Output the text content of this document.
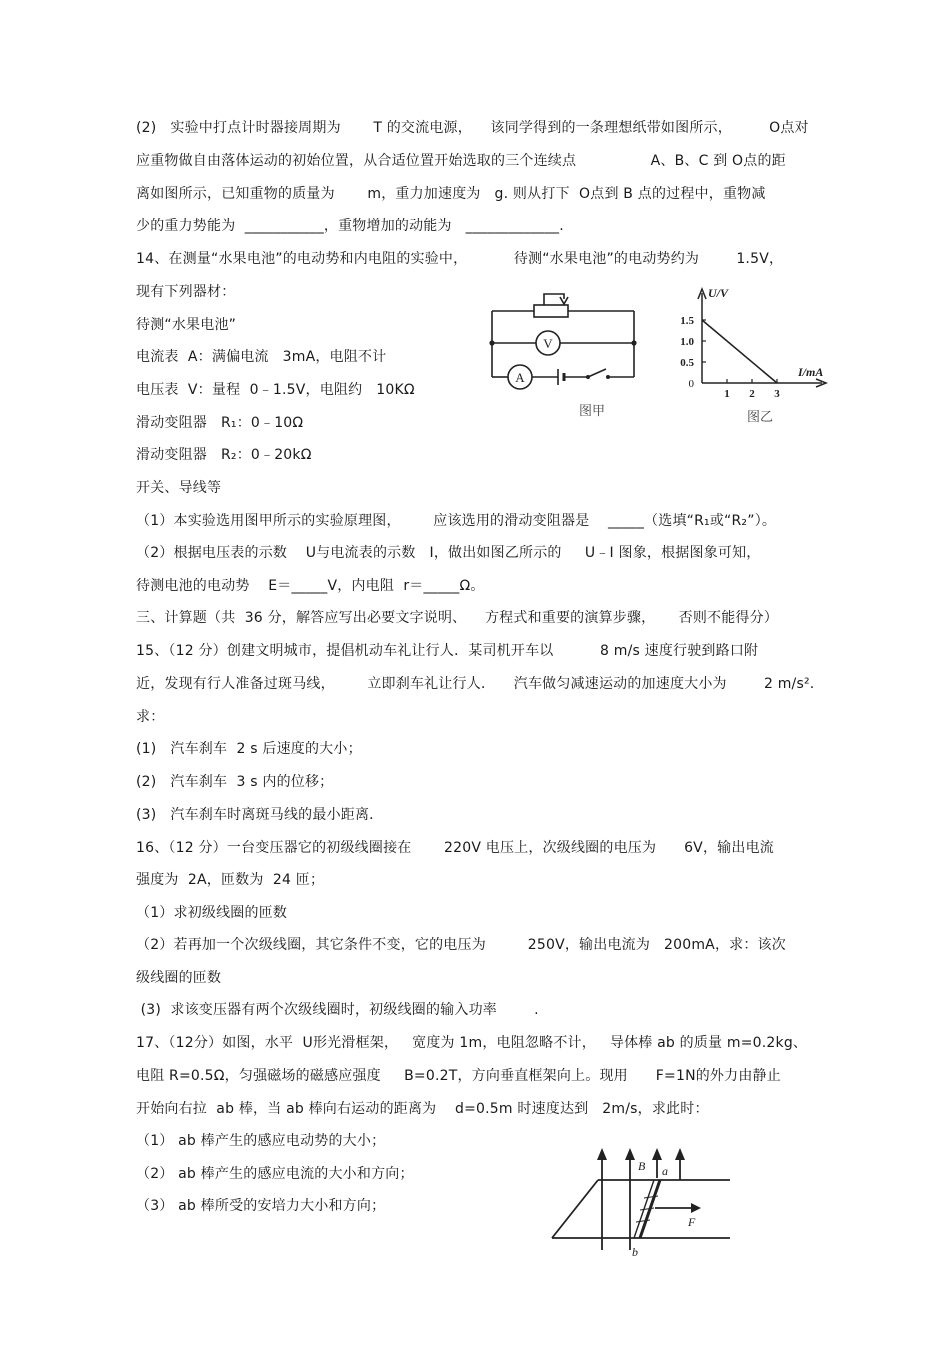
(2)   实验中打点计时器接周期为       T 的交流电源，    该同学得到的一条理想纸带如图所示，        O点对
应重物做自由落体运动的初始位置，从合适位置开始选取的三个连续点                A、B、C 到 O点的距
离如图所示，已知重物的质量为       m，重力加速度为   g. 则从打下  O点到 B 点的过程中，重物减
少的重力势能为  ___________，重物增加的动能为   _____________.
14、在测量“水果电池”的电动势和内电阻的实验中，          待测“水果电池”的电动势约为        1.5V，
现有下列器材：
待测“水果电池”
电流表  A：满偏电流   3mA，电阻不计
电压表  V：量程  0﹣1.5V，电阻约   10KΩ
滑动变阻器   R₁：0﹣10Ω
滑动变阻器   R₂：0﹣20kΩ
开关、导线等
（1）本实验选用图甲所示的实验原理图，       应该选用的滑动变阻器是    _____（选填“R₁或“R₂”）。
（2）根据电压表的示数    U与电流表的示数   I，做出如图乙所示的     U﹣I 图象，根据图象可知，
待测电池的电动势    E＝_____V，内电阻  r＝_____Ω。
三、计算题（共  36 分，解答应写出必要文字说明、    方程式和重要的演算步骤，     否则不能得分）
15、（12 分）创建文明城市，提倡机动车礼让行人．某司机开车以          8 m/s 速度行驶到路口附
近，发现有行人准备过斑马线，       立即刹车礼让行人．    汽车做匀减速运动的加速度大小为        2 m/s².
求：
(1)   汽车刹车  2 s 后速度的大小；
(2)   汽车刹车  3 s 内的位移；
(3)   汽车刹车时离斑马线的最小距离．
16、（12 分）一台变压器它的初级线圈接在       220V 电压上，次级线圈的电压为      6V，输出电流
强度为  2A，匝数为  24 匝；
（1）求初级线圈的匝数
（2）若再加一个次级线圈，其它条件不变，它的电压为         250V，输出电流为   200mA，求：该次
级线圈的匝数
(3)  求该变压器有两个次级线圈时，初级线圈的输入功率        .
17、（12分）如图，水平  U形光滑框架，   宽度为 1m，电阻忽略不计，   导体棒 ab 的质量 m=0.2kg、
电阻 R=0.5Ω，匀强磁场的磁感应强度     B=0.2T，方向垂直框架向上。现用      F=1N的外力由静止
开始向右拉  ab 棒，当 ab 棒向右运动的距离为    d=0.5m 时速度达到   2m/s，求此时：
（1） ab 棒产生的感应电动势的大小；
（2） ab 棒产生的感应电流的大小和方向；
（3） ab 棒所受的安培力大小和方向；
V
A
图甲
1.5
1.0
0.5
1 2 3
U/V
I/mA
0
图乙
B a
b
F
